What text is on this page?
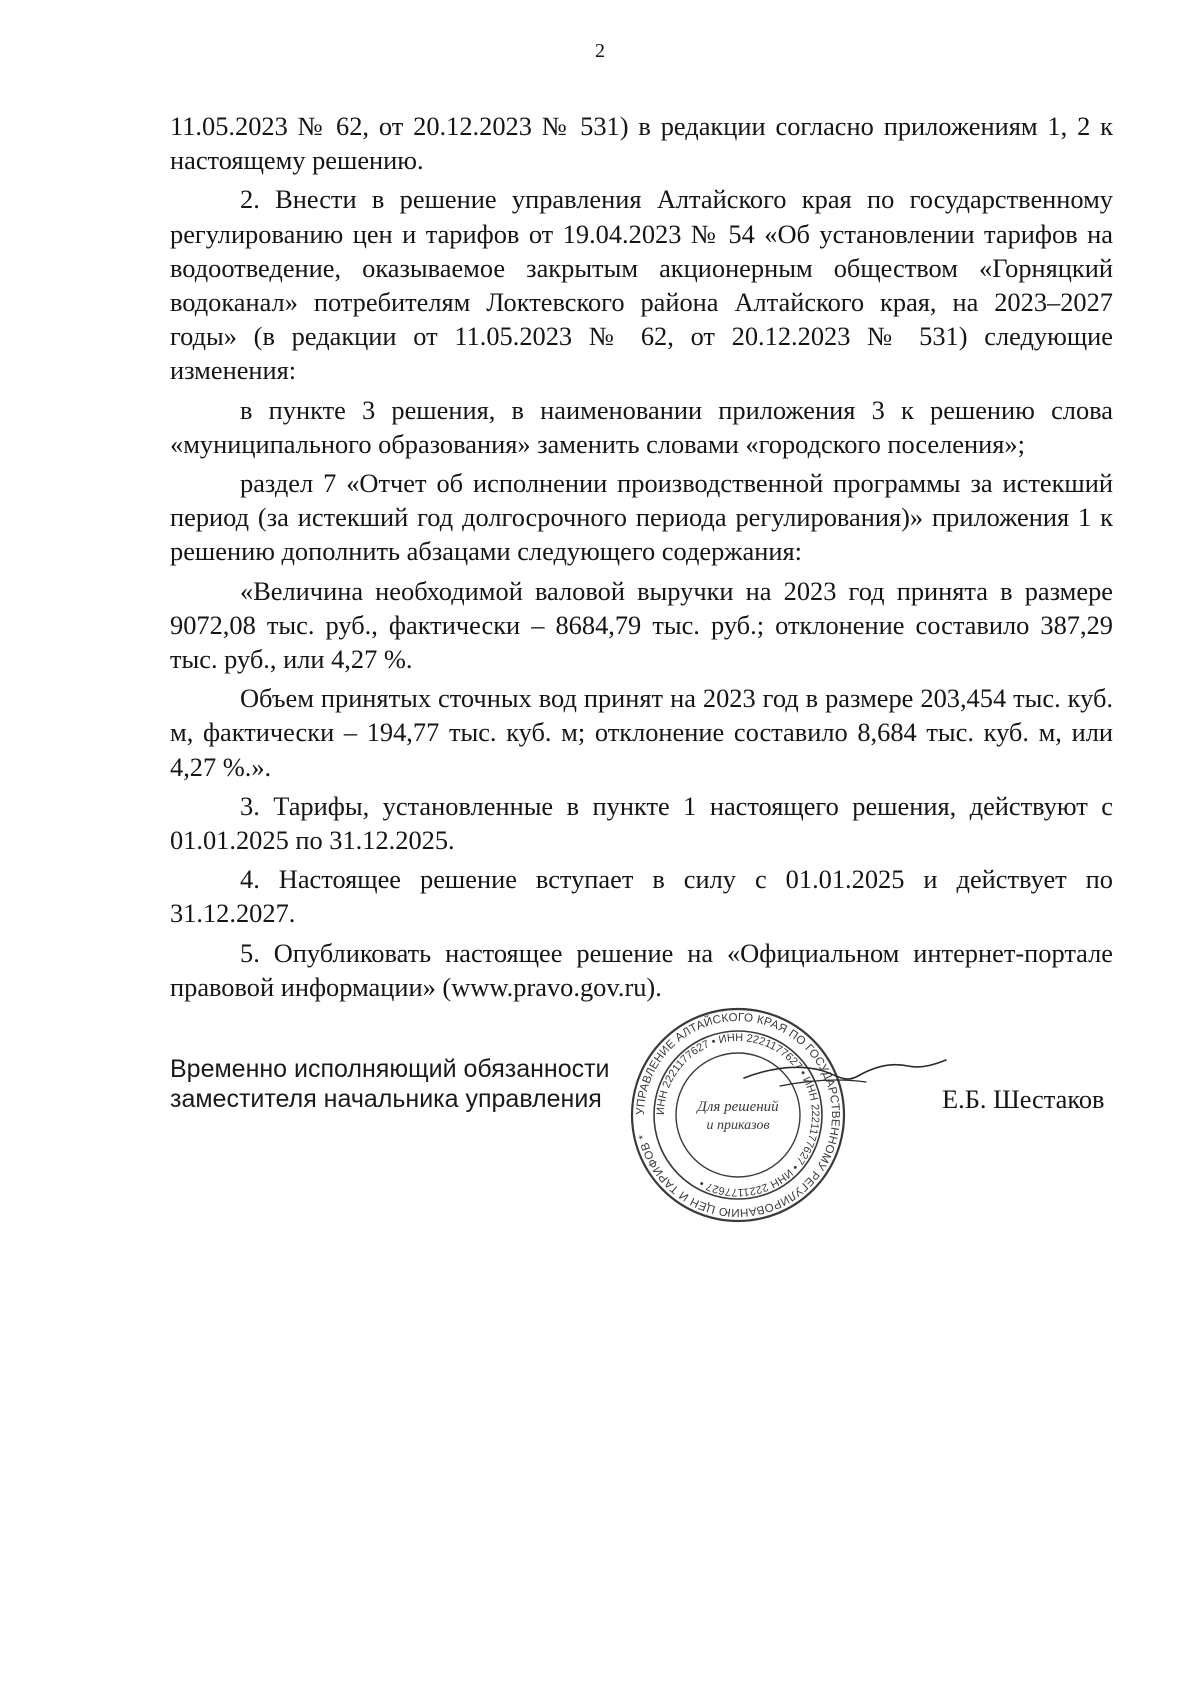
2

11.05.2023 № 62, от 20.12.2023 № 531) в редакции согласно приложениям 1, 2 к настоящему решению.

2. Внести в решение управления Алтайского края по государственному регулированию цен и тарифов от 19.04.2023 № 54 «Об установлении тарифов на водоотведение, оказываемое закрытым акционерным обществом «Горняцкий водоканал» потребителям Локтевского района Алтайского края, на 2023–2027 годы» (в редакции от 11.05.2023 № 62, от 20.12.2023 № 531) следующие изменения:

в пункте 3 решения, в наименовании приложения 3 к решению слова «муниципального образования» заменить словами «городского поселения»;

раздел 7 «Отчет об исполнении производственной программы за истекший период (за истекший год долгосрочного периода регулирования)» приложения 1 к решению дополнить абзацами следующего содержания:

«Величина необходимой валовой выручки на 2023 год принята в размере 9072,08 тыс. руб., фактически – 8684,79 тыс. руб.; отклонение составило 387,29 тыс. руб., или 4,27 %.

Объем принятых сточных вод принят на 2023 год в размере 203,454 тыс. куб. м, фактически – 194,77 тыс. куб. м; отклонение составило 8,684 тыс. куб. м, или 4,27 %.».

3. Тарифы, установленные в пункте 1 настоящего решения, действуют с 01.01.2025 по 31.12.2025.

4. Настоящее решение вступает в силу с 01.01.2025 и действует по 31.12.2027.

5. Опубликовать настоящее решение на «Официальном интернет-портале правовой информации» (www.pravo.gov.ru).

Временно исполняющий обязанности
заместителя начальника управления	УПРАВЛЕНИЕ АЛТАЙСКОГО КРАЯ ПО ГОСУДАРСТВЕННОМУ РЕГУЛИРОВАНИЮ ЦЕН И ТАРИФОВ *
ИНН 2221177627 • ИНН 2221177627 • ИНН 2221177627 • ИНН 2221177627 •
Для решений
и приказов
Е.Б. Шестаков
